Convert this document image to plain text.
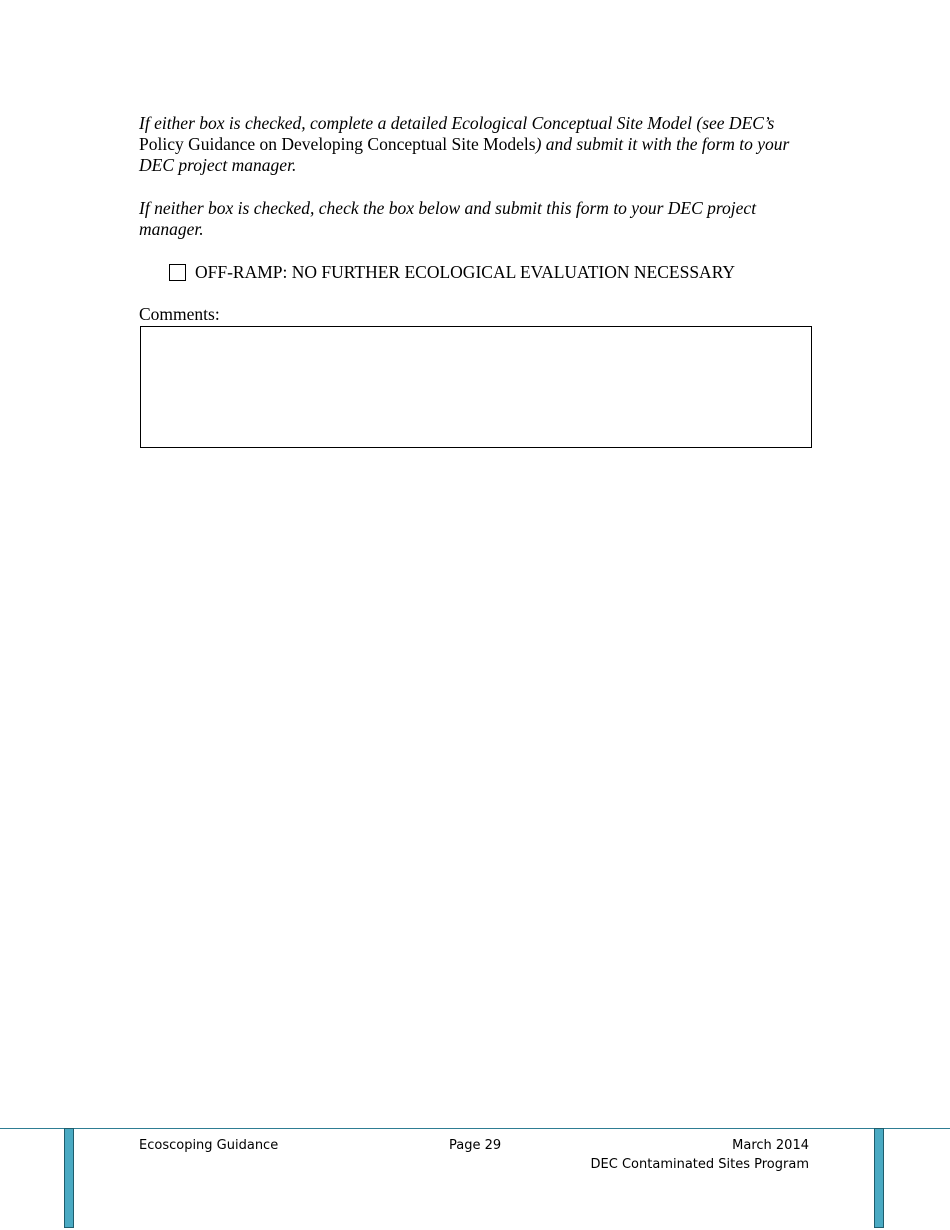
If either box is checked, complete a detailed Ecological Conceptual Site Model (see DEC’s Policy Guidance on Developing Conceptual Site Models) and submit it with the form to your DEC project manager.
If neither box is checked, check the box below and submit this form to your DEC project manager.
OFF-RAMP: NO FURTHER ECOLOGICAL EVALUATION NECESSARY
Comments:
Ecoscoping Guidance	Page 29	March 2014
DEC Contaminated Sites Program
